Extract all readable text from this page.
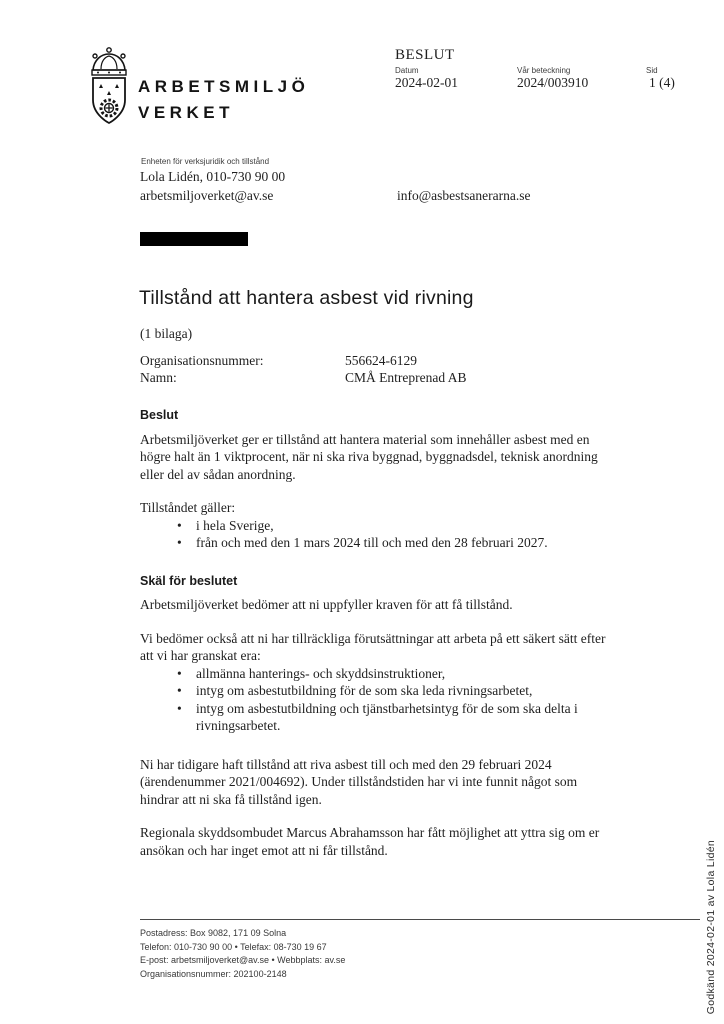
ARBETSMILJÖ
VERKET
BESLUT
Datum
2024-02-01
Vår beteckning
2024/003910
Sid
1 (4)
Enheten för verksjuridik och tillstånd
Lola Lidén, 010-730 90 00
arbetsmiljoverket@av.se	info@asbestsanerarna.se
Tillstånd att hantera asbest vid rivning
(1 bilaga)
Organisationsnummer:	556624-6129
Namn:	CMÅ Entreprenad AB
Beslut

Arbetsmiljöverket ger er tillstånd att hantera material som innehåller asbest med en högre halt än 1 viktprocent, när ni ska riva byggnad, byggnadsdel, teknisk anordning eller del av sådan anordning.

Tillståndet gäller:

•	i hela Sverige,
•	från och med den 1 mars 2024 till och med den 28 februari 2027.
Skäl för beslutet

Arbetsmiljöverket bedömer att ni uppfyller kraven för att få tillstånd.

Vi bedömer också att ni har tillräckliga förutsättningar att arbeta på ett säkert sätt efter att vi har granskat era:

•	allmänna hanterings- och skyddsinstruktioner,
•	intyg om asbestutbildning för de som ska leda rivningsarbetet,
•	intyg om asbestutbildning och tjänstbarhetsintyg för de som ska delta i rivningsarbetet.

Ni har tidigare haft tillstånd att riva asbest till och med den 29 februari 2024 (ärendenummer 2021/004692). Under tillståndstiden har vi inte funnit något som hindrar att ni ska få tillstånd igen.

Regionala skyddsombudet Marcus Abrahamsson har fått möjlighet att yttra sig om er ansökan och har inget emot att ni får tillstånd.

Postadress: Box 9082, 171 09 Solna
Telefon: 010-730 90 00 • Telefax: 08-730 19 67
E-post: arbetsmiljoverket@av.se • Webbplats: av.se
Organisationsnummer: 202100-2148	Godkänd 2024-02-01 av Lola Lidén
